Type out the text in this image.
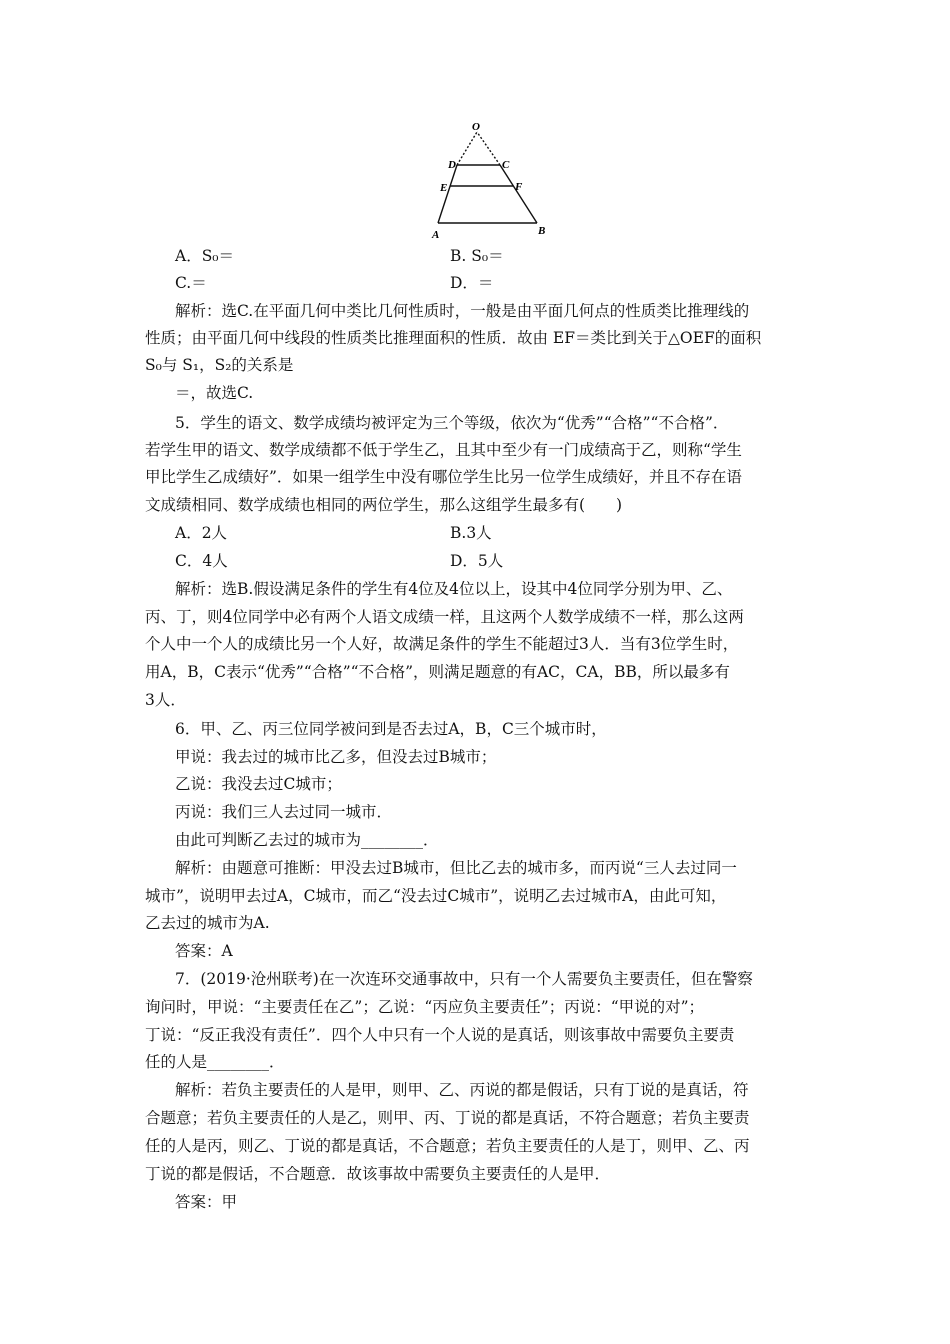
O
D	C
E	F
A	B
A．S₀＝	B. S₀＝
C.＝	D．＝
解析：选C.在平面几何中类比几何性质时，一般是由平面几何点的性质类比推理线的
性质；由平面几何中线段的性质类比推理面积的性质．故由 EF＝类比到关于△OEF的面积
S₀与 S₁，S₂的关系是
＝，故选C.
5．学生的语文、数学成绩均被评定为三个等级，依次为“优秀”“合格”“不合格”．
若学生甲的语文、数学成绩都不低于学生乙，且其中至少有一门成绩高于乙，则称“学生
甲比学生乙成绩好”．如果一组学生中没有哪位学生比另一位学生成绩好，并且不存在语
文成绩相同、数学成绩也相同的两位学生，那么这组学生最多有(　　)
A．2人	B.3人
C．4人	D．5人
解析：选B.假设满足条件的学生有4位及4位以上，设其中4位同学分别为甲、乙、
丙、丁，则4位同学中必有两个人语文成绩一样，且这两个人数学成绩不一样，那么这两
个人中一个人的成绩比另一个人好，故满足条件的学生不能超过3人．当有3位学生时，
用A，B，C表示“优秀”“合格”“不合格”，则满足题意的有AC，CA，BB，所以最多有
3人．
6．甲、乙、丙三位同学被问到是否去过A，B，C三个城市时，
甲说：我去过的城市比乙多，但没去过B城市；
乙说：我没去过C城市；
丙说：我们三人去过同一城市．
由此可判断乙去过的城市为________．
解析：由题意可推断：甲没去过B城市，但比乙去的城市多，而丙说“三人去过同一
城市”，说明甲去过A，C城市，而乙“没去过C城市”，说明乙去过城市A，由此可知，
乙去过的城市为A.
答案：A
7．(2019·沧州联考)在一次连环交通事故中，只有一个人需要负主要责任，但在警察
询问时，甲说：“主要责任在乙”；乙说：“丙应负主要责任”；丙说：“甲说的对”；
丁说：“反正我没有责任”．四个人中只有一个人说的是真话，则该事故中需要负主要责
任的人是________．
解析：若负主要责任的人是甲，则甲、乙、丙说的都是假话，只有丁说的是真话，符
合题意；若负主要责任的人是乙，则甲、丙、丁说的都是真话，不符合题意；若负主要责
任的人是丙，则乙、丁说的都是真话，不合题意；若负主要责任的人是丁，则甲、乙、丙
丁说的都是假话，不合题意．故该事故中需要负主要责任的人是甲．
答案：甲
